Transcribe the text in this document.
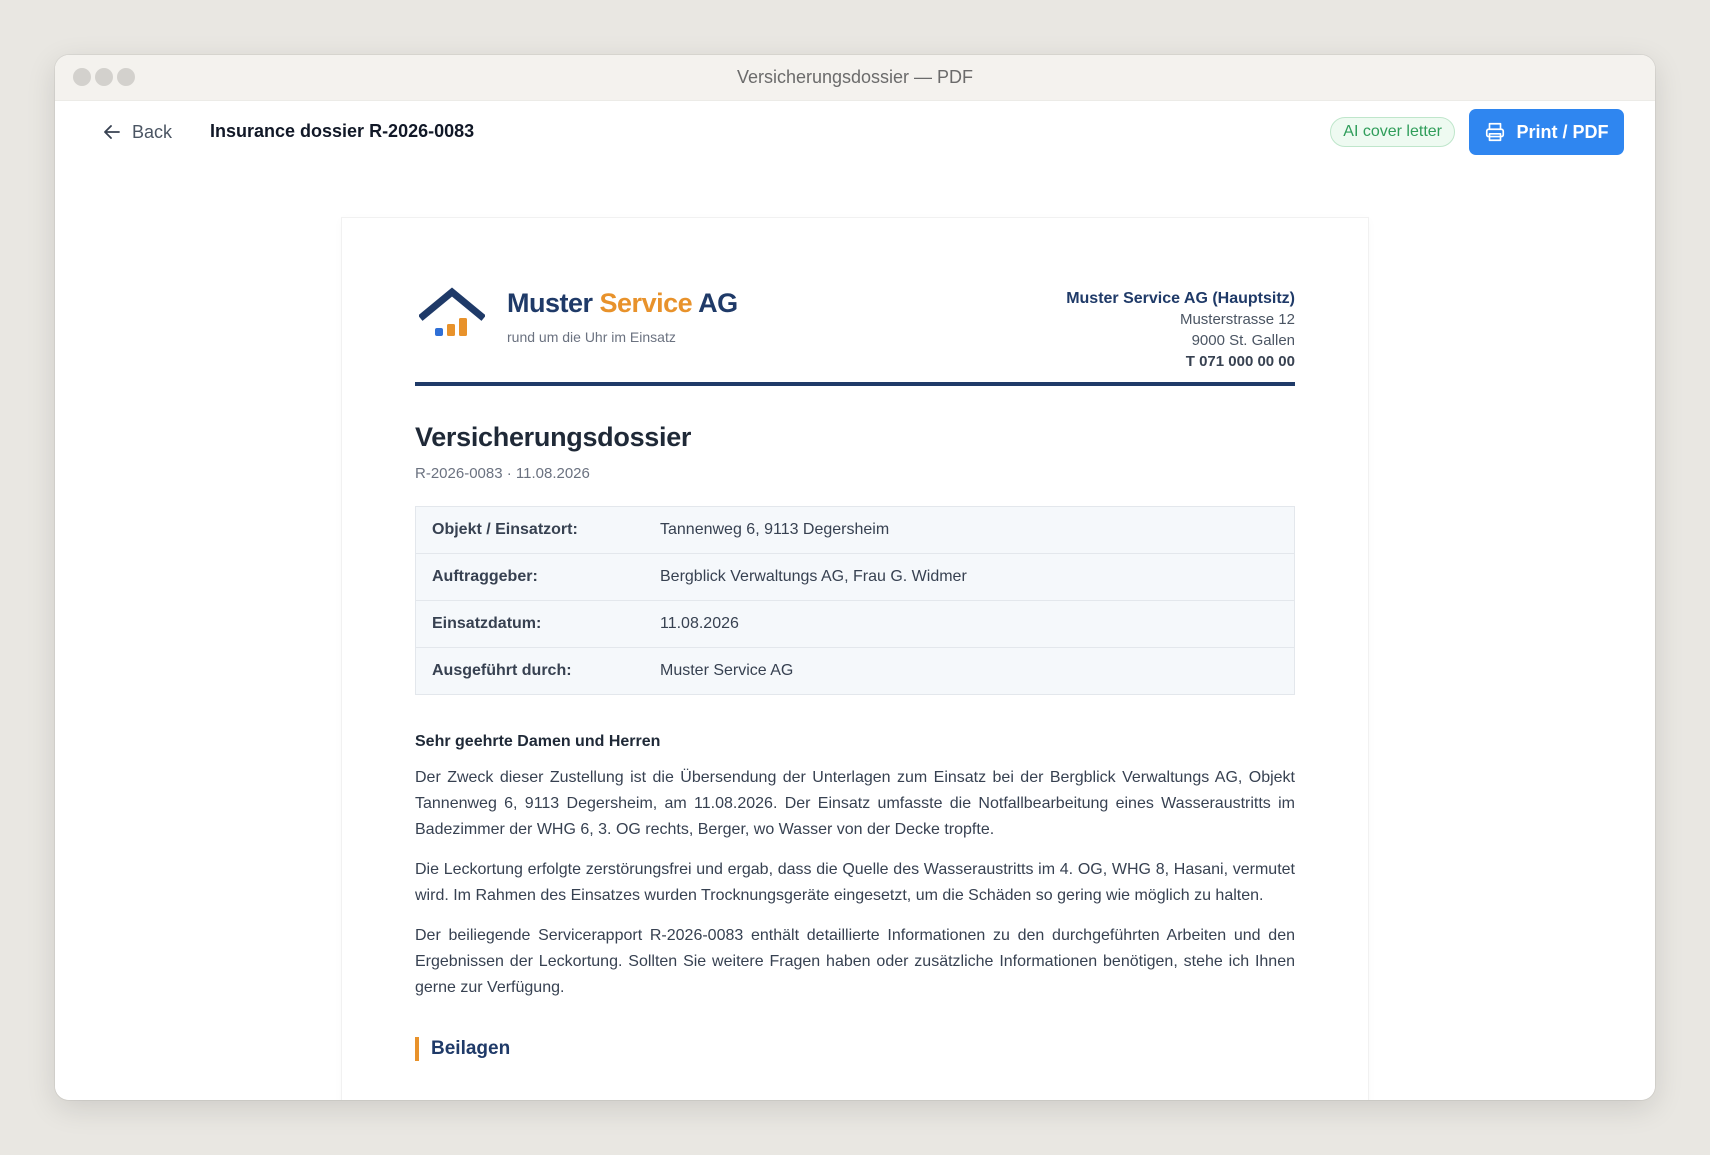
Versicherungsdossier — PDF
Back Insurance dossier R-2026-0083	AI cover letter	Print / PDF
Muster Service AG
rund um die Uhr im Einsatz
Muster Service AG (Hauptsitz)
Musterstrasse 12
9000 St. Gallen
T 071 000 00 00
Versicherungsdossier
R-2026-0083 · 11.08.2026
Objekt / Einsatzort:	Tannenweg 6, 9113 Degersheim
Auftraggeber:	Bergblick Verwaltungs AG, Frau G. Widmer
Einsatzdatum:	11.08.2026
Ausgeführt durch:	Muster Service AG
Sehr geehrte Damen und Herren
Der Zweck dieser Zustellung ist die Übersendung der Unterlagen zum Einsatz bei der Bergblick Verwaltungs AG, Objekt Tannenweg 6, 9113 Degersheim, am 11.08.2026. Der Einsatz umfasste die Notfallbearbeitung eines Wasseraustritts im Badezimmer der WHG 6, 3. OG rechts, Berger, wo Wasser von der Decke tropfte.
Die Leckortung erfolgte zerstörungsfrei und ergab, dass die Quelle des Wasseraustritts im 4. OG, WHG 8, Hasani, vermutet wird. Im Rahmen des Einsatzes wurden Trocknungsgeräte eingesetzt, um die Schäden so gering wie möglich zu halten.
Der beiliegende Servicerapport R-2026-0083 enthält detaillierte Informationen zu den durchgeführten Arbeiten und den Ergebnissen der Leckortung. Sollten Sie weitere Fragen haben oder zusätzliche Informationen benötigen, stehe ich Ihnen gerne zur Verfügung.
Beilagen
